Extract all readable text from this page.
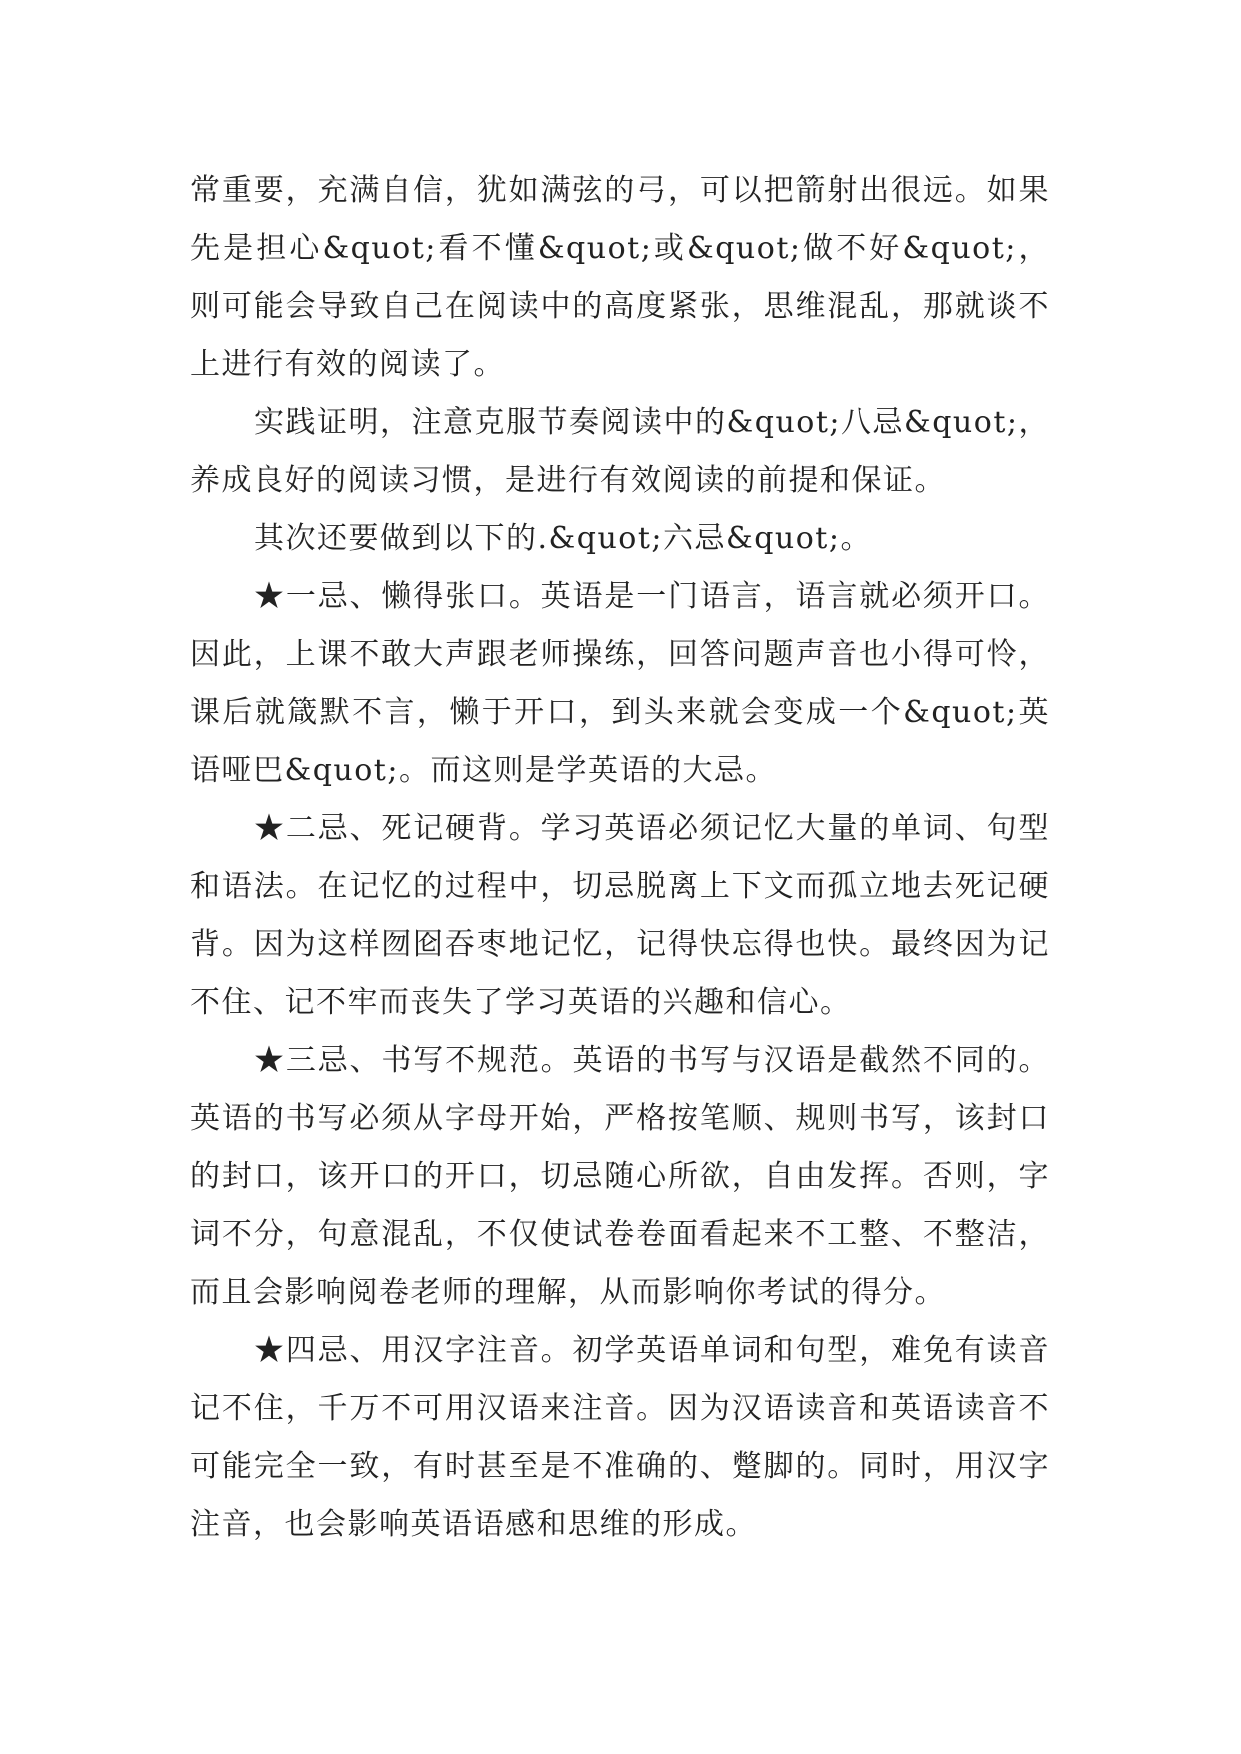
常重要，充满自信，犹如满弦的弓，可以把箭射出很远。如果先是担心&quot;看不懂&quot;或&quot;做不好&quot;，则可能会导致自己在阅读中的高度紧张，思维混乱，那就谈不上进行有效的阅读了。

实践证明，注意克服节奏阅读中的&quot;八忌&quot;，养成良好的阅读习惯，是进行有效阅读的前提和保证。

其次还要做到以下的.&quot;六忌&quot;。

★一忌、懒得张口。英语是一门语言，语言就必须开口。因此，上课不敢大声跟老师操练，回答问题声音也小得可怜，课后就箴默不言，懒于开口，到头来就会变成一个&quot;英语哑巴&quot;。而这则是学英语的大忌。

★二忌、死记硬背。学习英语必须记忆大量的单词、句型和语法。在记忆的过程中，切忌脱离上下文而孤立地去死记硬背。因为这样囫囵吞枣地记忆，记得快忘得也快。最终因为记不住、记不牢而丧失了学习英语的兴趣和信心。

★三忌、书写不规范。英语的书写与汉语是截然不同的。英语的书写必须从字母开始，严格按笔顺、规则书写，该封口的封口，该开口的开口，切忌随心所欲，自由发挥。否则，字词不分，句意混乱，不仅使试卷卷面看起来不工整、不整洁，而且会影响阅卷老师的理解，从而影响你考试的得分。

★四忌、用汉字注音。初学英语单词和句型，难免有读音记不住，千万不可用汉语来注音。因为汉语读音和英语读音不可能完全一致，有时甚至是不准确的、蹩脚的。同时，用汉字注音，也会影响英语语感和思维的形成。
